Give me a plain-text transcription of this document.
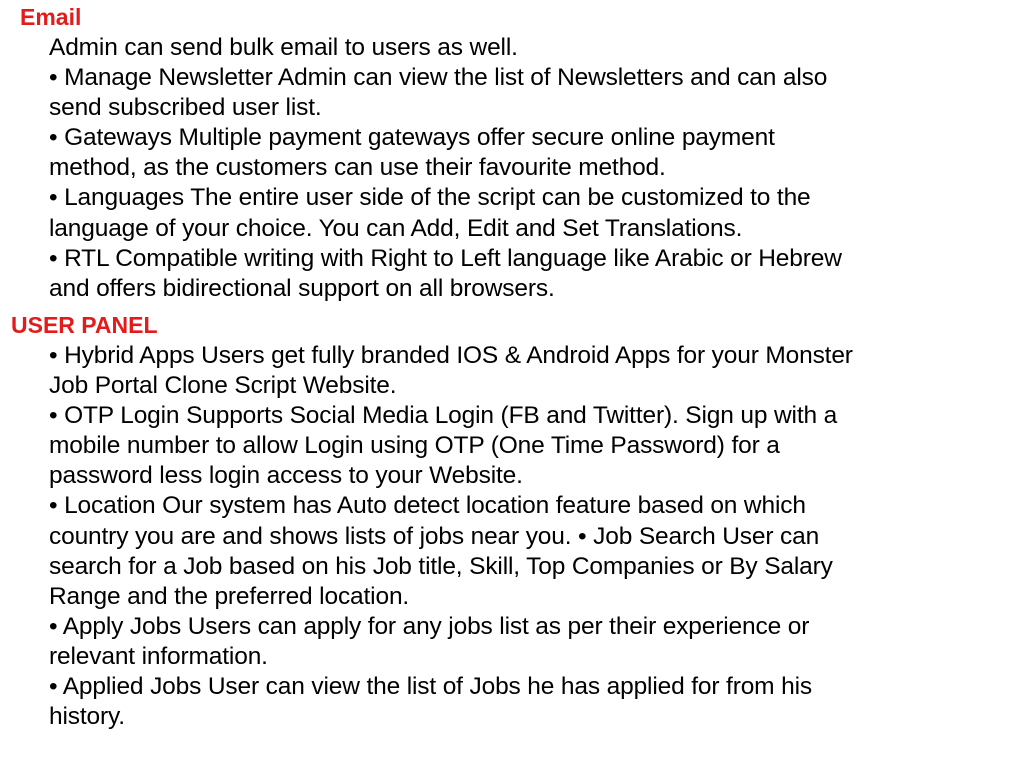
Email
Admin can send bulk email to users as well.
• Manage Newsletter Admin can view the list of Newsletters and can also
send subscribed user list.
• Gateways Multiple payment gateways offer secure online payment
method, as the customers can use their favourite method.
• Languages The entire user side of the script can be customized to the
language of your choice. You can Add, Edit and Set Translations.
• RTL Compatible writing with Right to Left language like Arabic or Hebrew
and offers bidirectional support on all browsers.
USER PANEL
• Hybrid Apps Users get fully branded IOS & Android Apps for your Monster
Job Portal Clone Script Website.
• OTP Login Supports Social Media Login (FB and Twitter). Sign up with a
mobile number to allow Login using OTP (One Time Password) for a
password less login access to your Website.
• Location Our system has Auto detect location feature based on which
country you are and shows lists of jobs near you. • Job Search User can
search for a Job based on his Job title, Skill, Top Companies or By Salary
Range and the preferred location.
• Apply Jobs Users can apply for any jobs list as per their experience or
relevant information.
• Applied Jobs User can view the list of Jobs he has applied for from his
history.
